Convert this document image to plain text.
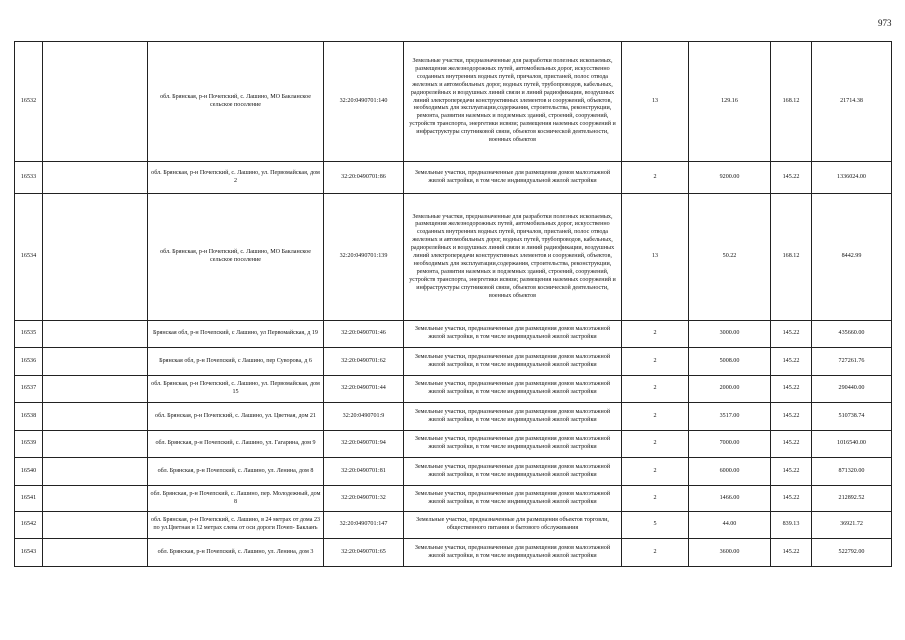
973
16532		обл. Брянская, р-н Почепский, с. Лашино, МО Бакланское сельское поселение	32:20:0490701:140	Земельные участки, предназначенные для разработки полезных ископаемых, размещения железнодорожных путей, автомобильных дорог, искусственно созданных внутренних водных путей, причалов, пристаней, полос отвода железных и автомобильных дорог, водных путей, трубопроводов, кабельных, радиорелейных и воздушных линий связи и линий радиофикации, воздушных линий электропередачи конструктивных элементов и сооружений, объектов, необходимых для эксплуатации,содержания, строительства, реконструкции, ремонта, развития наземных и подземных зданий, строений, сооружений, устройств транспорта, энергетики исвязи; размещения наземных сооружений и инфраструктуры спутниковой связи, объектов космической деятельности, военных объектов	13	129.16	168.12	21714.38
16533		обл. Брянская, р-н Почепский, с. Лашино, ул. Первомайская, дом 2	32:20:0490701:86	Земельные участки, предназначенные для размещения домов малоэтажной жилой застройки, в том числе индивидуальной жилой застройки	2	9200.00	145.22	1336024.00
16534		обл. Брянская, р-н Почепский, с. Лашино, МО Бакланское сельское поселение	32:20:0490701:139	Земельные участки, предназначенные для разработки полезных ископаемых, размещения железнодорожных путей, автомобильных дорог, искусственно созданных внутренних водных путей, причалов, пристаней, полос отвода железных и автомобильных дорог, водных путей, трубопроводов, кабельных, радиорелейных и воздушных линий связи и линий радиофикации, воздушных линий электропередачи конструктивных элементов и сооружений, объектов, необходимых для эксплуатации,содержания, строительства, реконструкции, ремонта, развития наземных и подземных зданий, строений, сооружений, устройств транспорта, энергетики исвязи; размещения наземных сооружений и инфраструктуры спутниковой связи, объектов космической деятельности, военных объектов	13	50.22	168.12	8442.99
16535		Брянская обл, р-н Почепский, с Лашино, ул Первомайская, д 19	32:20:0490701:46	Земельные участки, предназначенные для размещения домов малоэтажной жилой застройки, в том числе индивидуальной жилой застройки	2	3000.00	145.22	435660.00
16536		Брянская обл, р-н Почепский, с Лашино, пер Суворова, д 6	32:20:0490701:62	Земельные участки, предназначенные для размещения домов малоэтажной жилой застройки, в том числе индивидуальной жилой застройки	2	5008.00	145.22	727261.76
16537		обл. Брянская, р-н Почепский, с. Лашино, ул. Первомайская, дом 15	32:20:0490701:44	Земельные участки, предназначенные для размещения домов малоэтажной жилой застройки, в том числе индивидуальной жилой застройки	2	2000.00	145.22	290440.00
16538		обл. Брянская, р-н Почепский, с. Лашино, ул. Цветная, дом 21	32:20:0490701:9	Земельные участки, предназначенные для размещения домов малоэтажной жилой застройки, в том числе индивидуальной жилой застройки	2	3517.00	145.22	510738.74
16539		обл. Брянская, р-н Почепский, с. Лашино, ул. Гагарина, дом 9	32:20:0490701:94	Земельные участки, предназначенные для размещения домов малоэтажной жилой застройки, в том числе индивидуальной жилой застройки	2	7000.00	145.22	1016540.00
16540		обл. Брянская, р-н Почепский, с. Лашино, ул. Ленина, дом 8	32:20:0490701:81	Земельные участки, предназначенные для размещения домов малоэтажной жилой застройки, в том числе индивидуальной жилой застройки	2	6000.00	145.22	871320.00
16541		обл. Брянская, р-н Почепский, с. Лашино, пер. Молодежный, дом 8	32:20:0490701:32	Земельные участки, предназначенные для размещения домов малоэтажной жилой застройки, в том числе индивидуальной жилой застройки	2	1466.00	145.22	212892.52
16542		обл. Брянская, р-н Почепский, с. Лашино, в 24 метрах от дома 23 по ул.Цветная и 12 метрах слева от оси дороги Почеп- Бакланъ	32:20:0490701:147	Земельные участки, предназначенные для размещения объектов торговли, общественного питания и бытового обслуживания	5	44.00	839.13	36921.72
16543		обл. Брянская, р-н Почепский, с. Лашино, ул. Ленина, дом 3	32:20:0490701:65	Земельные участки, предназначенные для размещения домов малоэтажной жилой застройки, в том числе индивидуальной жилой застройки	2	3600.00	145.22	522792.00
